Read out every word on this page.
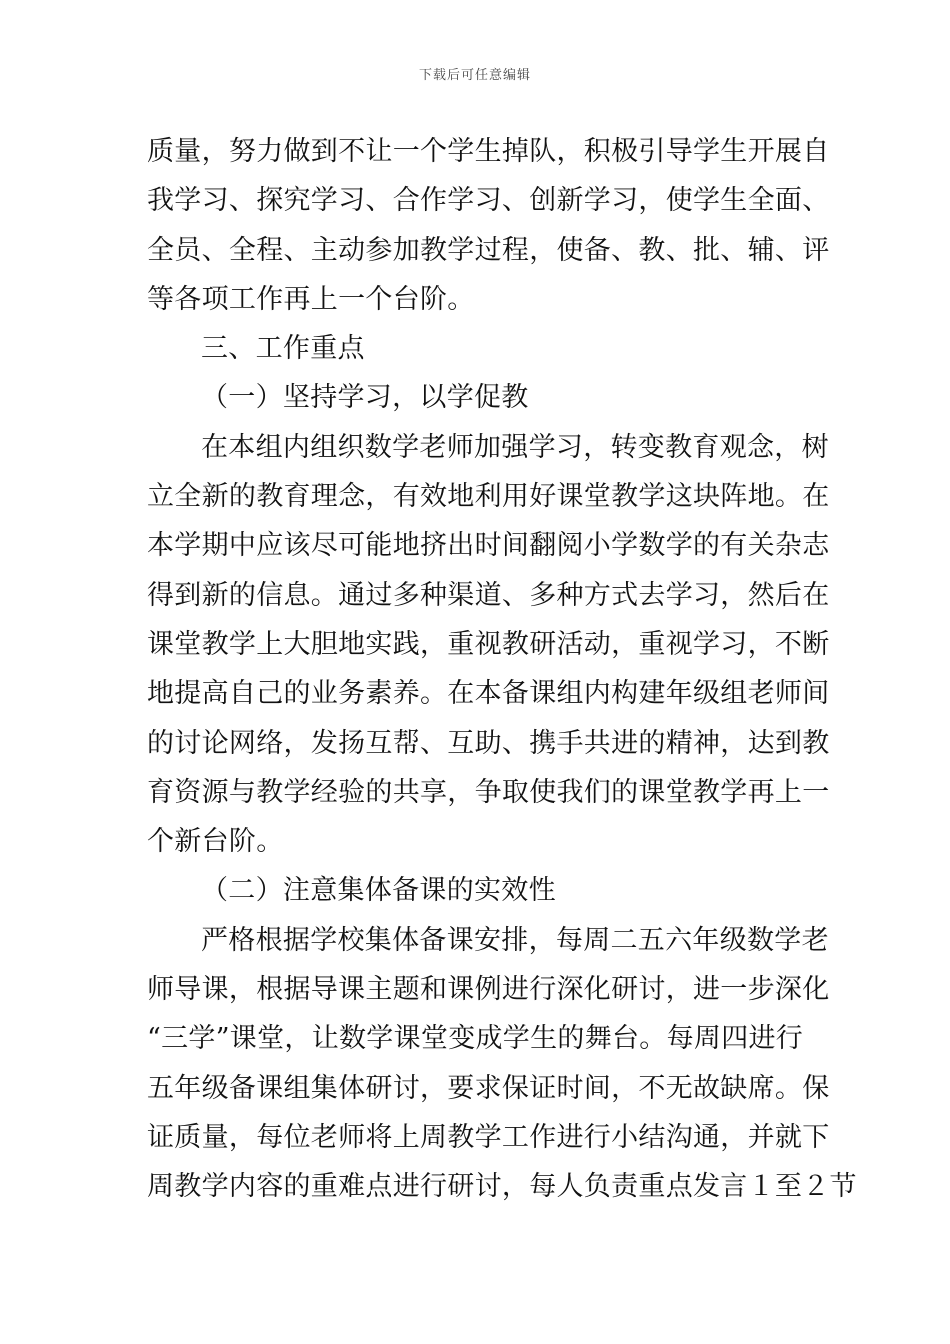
下载后可任意编辑
质量，努力做到不让一个学生掉队，积极引导学生开展自
我学习、探究学习、合作学习、创新学习，使学生全面、
全员、全程、主动参加教学过程，使备、教、批、辅、评
等各项工作再上一个台阶。
三、工作重点
（一）坚持学习，以学促教
在本组内组织数学老师加强学习，转变教育观念，树
立全新的教育理念，有效地利用好课堂教学这块阵地。在
本学期中应该尽可能地挤出时间翻阅小学数学的有关杂志
得到新的信息。通过多种渠道、多种方式去学习，然后在
课堂教学上大胆地实践，重视教研活动，重视学习，不断
地提高自己的业务素养。在本备课组内构建年级组老师间
的讨论网络，发扬互帮、互助、携手共进的精神，达到教
育资源与教学经验的共享，争取使我们的课堂教学再上一
个新台阶。
（二）注意集体备课的实效性
严格根据学校集体备课安排，每周二五六年级数学老
师导课，根据导课主题和课例进行深化研讨，进一步深化
“三学”课堂，让数学课堂变成学生的舞台。每周四进行
五年级备课组集体研讨，要求保证时间，不无故缺席。保
证质量，每位老师将上周教学工作进行小结沟通，并就下
周教学内容的重难点进行研讨，每人负责重点发言１至２节
